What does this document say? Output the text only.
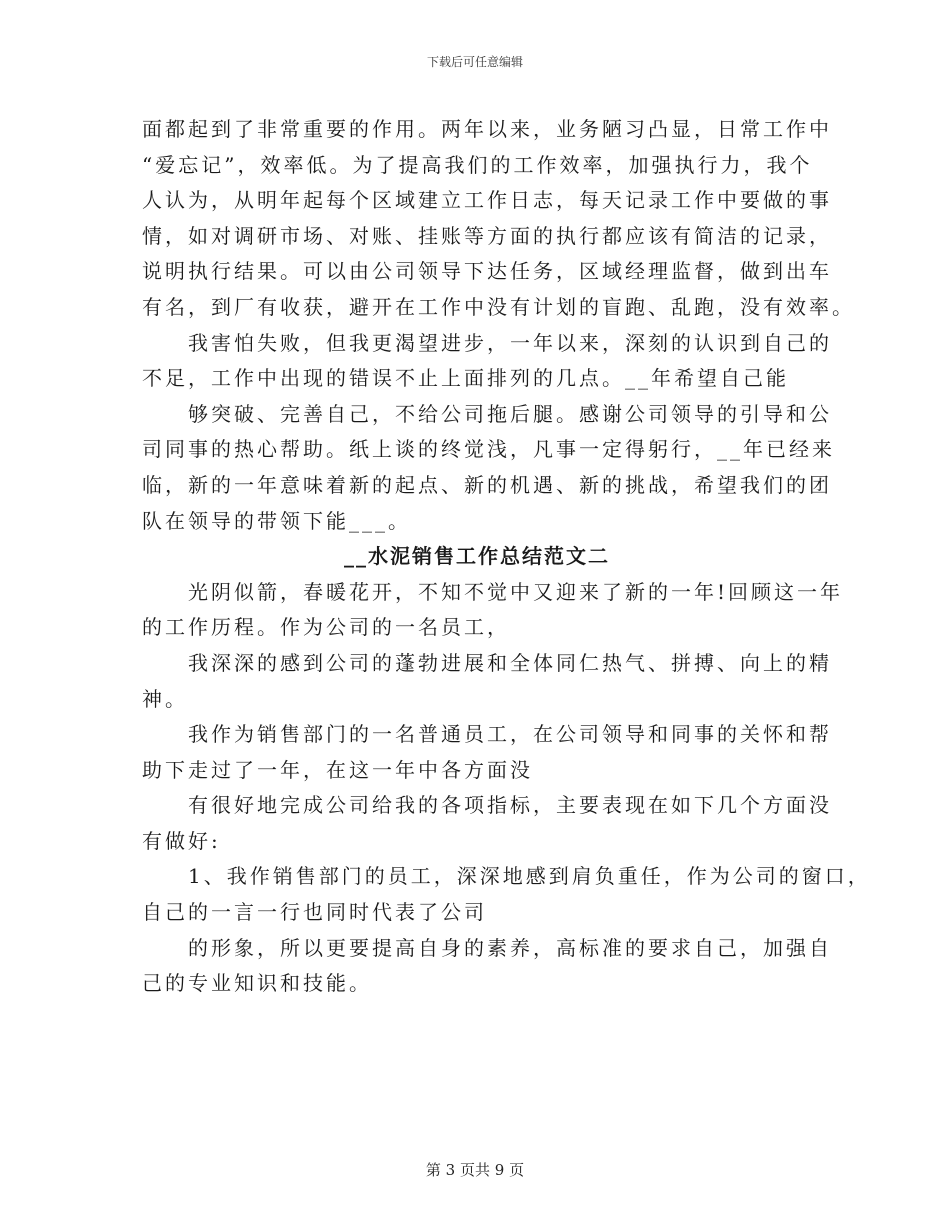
下载后可任意编辑
面都起到了非常重要的作用。两年以来，业务陋习凸显，日常工作中
“爱忘记”，效率低。为了提高我们的工作效率，加强执行力，我个
人认为，从明年起每个区域建立工作日志，每天记录工作中要做的事
情，如对调研市场、对账、挂账等方面的执行都应该有简洁的记录，
说明执行结果。可以由公司领导下达任务，区域经理监督，做到出车
有名，到厂有收获，避开在工作中没有计划的盲跑、乱跑，没有效率。
我害怕失败，但我更渴望进步，一年以来，深刻的认识到自己的
不足，工作中出现的错误不止上面排列的几点。__年希望自己能
够突破、完善自己，不给公司拖后腿。感谢公司领导的引导和公
司同事的热心帮助。纸上谈的终觉浅，凡事一定得躬行，__年已经来
临，新的一年意味着新的起点、新的机遇、新的挑战，希望我们的团
队在领导的带领下能___。
__水泥销售工作总结范文二
光阴似箭，春暖花开，不知不觉中又迎来了新的一年!回顾这一年
的工作历程。作为公司的一名员工，
我深深的感到公司的蓬勃进展和全体同仁热气、拼搏、向上的精
神。
我作为销售部门的一名普通员工，在公司领导和同事的关怀和帮
助下走过了一年，在这一年中各方面没
有很好地完成公司给我的各项指标，主要表现在如下几个方面没
有做好:
1、我作销售部门的员工，深深地感到肩负重任，作为公司的窗口，
自己的一言一行也同时代表了公司
的形象，所以更要提高自身的素养，高标准的要求自己，加强自
己的专业知识和技能。
第 3 页共 9 页
